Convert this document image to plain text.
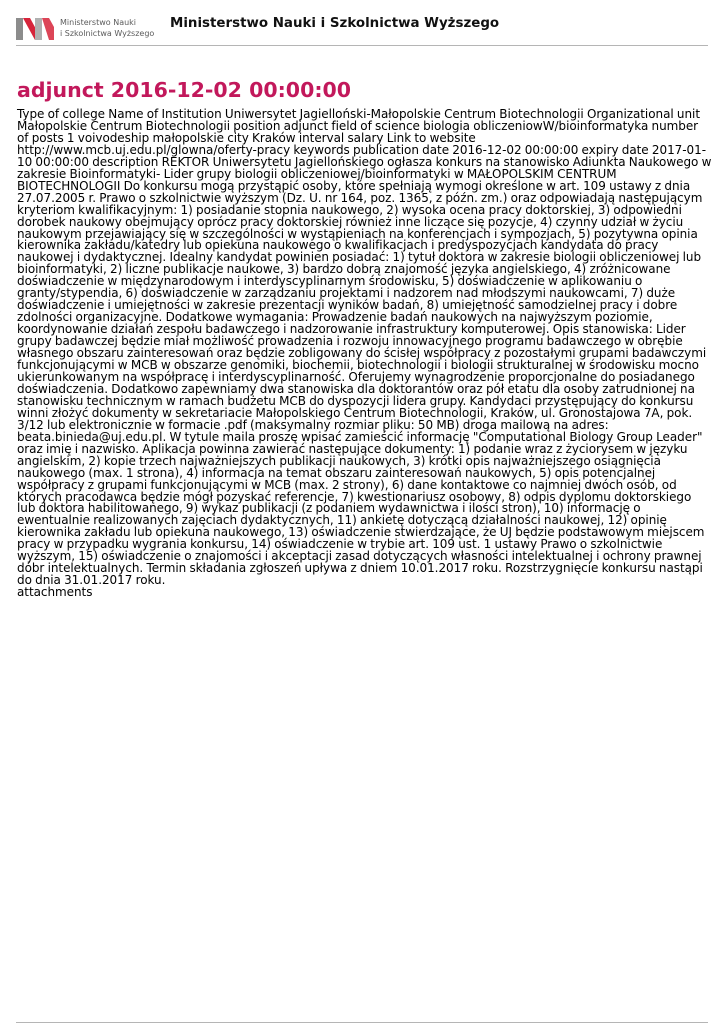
Ministerstwo Nauki
i Szkolnictwa Wyższego
Ministerstwo Nauki i Szkolnictwa Wyższego
adjunct 2016-12-02 00:00:00

Type of college Name of Institution Uniwersytet Jagielloński-Małopolskie Centrum Biotechnologii Organizational unit Małopolskie Centrum Biotechnologii position adjunct field of science biologia obliczeniowW/bioinformatyka number of posts 1 voivodeship małopolskie city Kraków interval salary Link to website http://www.mcb.uj.edu.pl/glowna/oferty-pracy keywords publication date 2016-12-02 00:00:00 expiry date 2017-01-10 00:00:00 description REKTOR Uniwersytetu Jagiellońskiego ogłasza konkurs na stanowisko Adiunkta Naukowego w zakresie Bioinformatyki- Lider grupy biologii obliczeniowej/bioinformatyki w MAŁOPOLSKIM CENTRUM BIOTECHNOLOGII Do konkursu mogą przystąpić osoby, które spełniają wymogi określone w art. 109 ustawy z dnia 27.07.2005 r. Prawo o szkolnictwie wyższym (Dz. U. nr 164, poz. 1365, z późn. zm.) oraz odpowiadają następującym kryteriom kwalifikacyjnym: 1) posiadanie stopnia naukowego, 2) wysoka ocena pracy doktorskiej, 3) odpowiedni dorobek naukowy obejmujący oprócz pracy doktorskiej również inne liczące się pozycje, 4) czynny udział w życiu naukowym przejawiający się w szczególności w wystąpieniach na konferencjach i sympozjach, 5) pozytywna opinia kierownika zakładu/katedry lub opiekuna naukowego o kwalifikacjach i predyspozycjach kandydata do pracy naukowej i dydaktycznej. Idealny kandydat powinien posiadać: 1) tytuł doktora w zakresie biologii obliczeniowej lub bioinformatyki, 2) liczne publikacje naukowe, 3) bardzo dobrą znajomość języka angielskiego, 4) zróżnicowane doświadczenie w międzynarodowym i interdyscyplinarnym środowisku, 5) doświadczenie w aplikowaniu o granty/stypendia, 6) doświadczenie w zarządzaniu projektami i nadzorem nad młodszymi naukowcami, 7) duże doświadczenie i umiejętności w zakresie prezentacji wyników badań, 8) umiejętność samodzielnej pracy i dobre zdolności organizacyjne. Dodatkowe wymagania: Prowadzenie badań naukowych na najwyższym poziomie, koordynowanie działań zespołu badawczego i nadzorowanie infrastruktury komputerowej. Opis stanowiska: Lider grupy badawczej będzie miał możliwość prowadzenia i rozwoju innowacyjnego programu badawczego w obrębie własnego obszaru zainteresowań oraz będzie zobligowany do ścisłej współpracy z pozostałymi grupami badawczymi funkcjonującymi w MCB w obszarze genomiki, biochemii, biotechnologii i biologii strukturalnej w środowisku mocno ukierunkowanym na współpracę i interdyscyplinarność. Oferujemy wynagrodzenie proporcjonalne do posiadanego doświadczenia. Dodatkowo zapewniamy dwa stanowiska dla doktorantów oraz pół etatu dla osoby zatrudnionej na stanowisku technicznym w ramach budżetu MCB do dyspozycji lidera grupy. Kandydaci przystępujący do konkursu winni złożyć dokumenty w sekretariacie Małopolskiego Centrum Biotechnologii, Kraków, ul. Gronostajowa 7A, pok. 3/12 lub elektronicznie w formacie .pdf (maksymalny rozmiar pliku: 50 MB) droga mailową na adres: beata.binieda@uj.edu.pl. W tytule maila proszę wpisać zamieścić informację "Computational Biology Group Leader" oraz imię i nazwisko. Aplikacja powinna zawierać następujące dokumenty: 1) podanie wraz z życiorysem w języku angielskim, 2) kopie trzech najważniejszych publikacji naukowych, 3) krótki opis najważniejszego osiągnięcia naukowego (max. 1 strona), 4) informacja na temat obszaru zainteresowań naukowych, 5) opis potencjalnej współpracy z grupami funkcjonującymi w MCB (max. 2 strony), 6) dane kontaktowe co najmniej dwóch osób, od których pracodawca będzie mógł pozyskać referencje, 7) kwestionariusz osobowy, 8) odpis dyplomu doktorskiego lub doktora habilitowanego, 9) wykaz publikacji (z podaniem wydawnictwa i ilości stron), 10) informację o ewentualnie realizowanych zajęciach dydaktycznych, 11) ankietę dotyczącą działalności naukowej, 12) opinię kierownika zakładu lub opiekuna naukowego, 13) oświadczenie stwierdzające, że UJ będzie podstawowym miejscem pracy w przypadku wygrania konkursu, 14) oświadczenie w trybie art. 109 ust. 1 ustawy Prawo o szkolnictwie wyższym, 15) oświadczenie o znajomości i akceptacji zasad dotyczących własności intelektualnej i ochrony prawnej dóbr intelektualnych. Termin składania zgłoszeń upływa z dniem 10.01.2017 roku. Rozstrzygnięcie konkursu nastąpi do dnia 31.01.2017 roku.

attachments
